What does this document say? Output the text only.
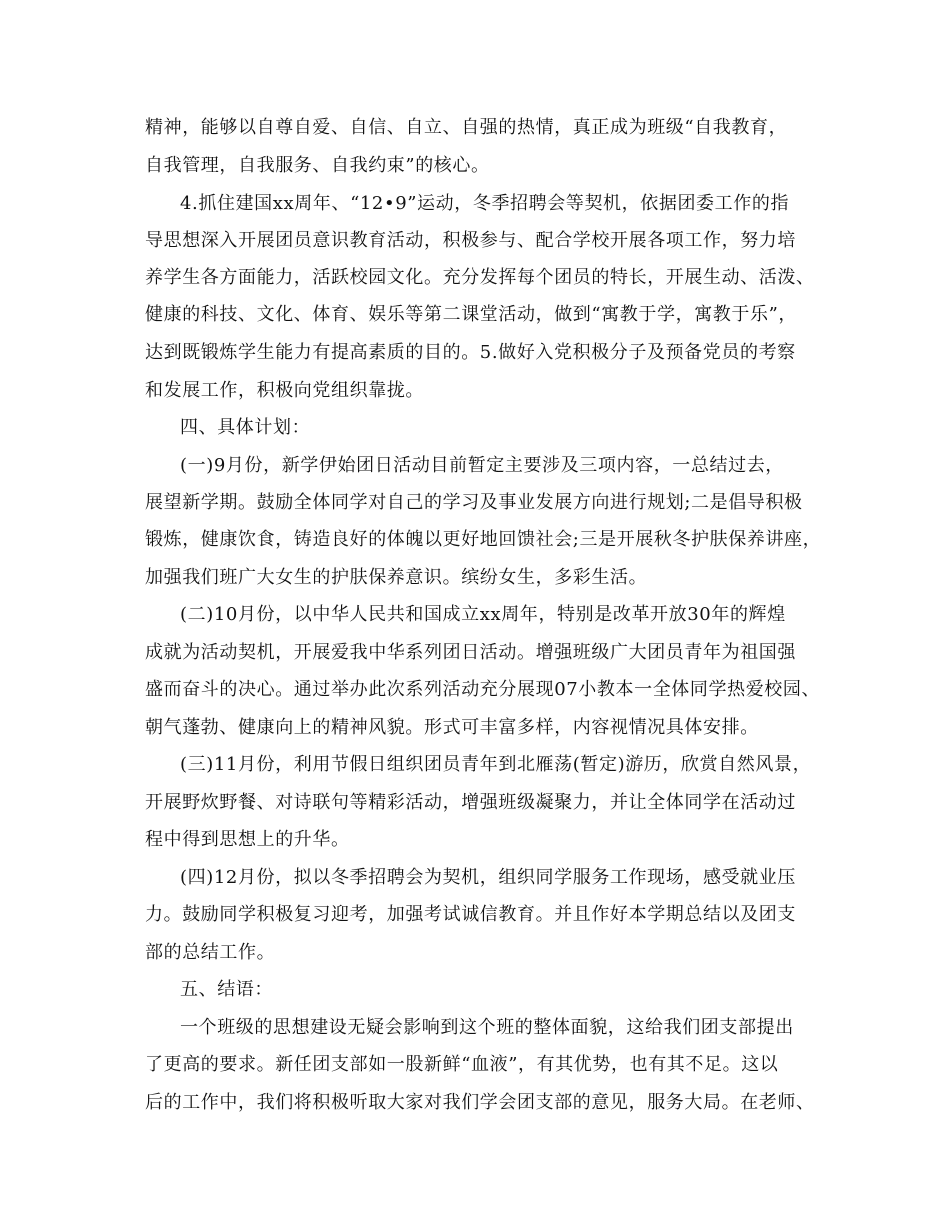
精神，能够以自尊自爱、自信、自立、自强的热情，真正成为班级“自我教育，
自我管理，自我服务、自我约束”的核心。
4.抓住建国xx周年、“12•9”运动，冬季招聘会等契机，依据团委工作的指
导思想深入开展团员意识教育活动，积极参与、配合学校开展各项工作，努力培
养学生各方面能力，活跃校园文化。充分发挥每个团员的特长，开展生动、活泼、
健康的科技、文化、体育、娱乐等第二课堂活动，做到“寓教于学，寓教于乐”，
达到既锻炼学生能力有提高素质的目的。5.做好入党积极分子及预备党员的考察
和发展工作，积极向党组织靠拢。
四、具体计划：
(一)9月份，新学伊始团日活动目前暂定主要涉及三项内容，一总结过去，
展望新学期。鼓励全体同学对自己的学习及事业发展方向进行规划;二是倡导积极
锻炼，健康饮食，铸造良好的体魄以更好地回馈社会;三是开展秋冬护肤保养讲座，
加强我们班广大女生的护肤保养意识。缤纷女生，多彩生活。
(二)10月份，以中华人民共和国成立xx周年，特别是改革开放30年的辉煌
成就为活动契机，开展爱我中华系列团日活动。增强班级广大团员青年为祖国强
盛而奋斗的决心。通过举办此次系列活动充分展现07小教本一全体同学热爱校园、
朝气蓬勃、健康向上的精神风貌。形式可丰富多样，内容视情况具体安排。
(三)11月份，利用节假日组织团员青年到北雁荡(暂定)游历，欣赏自然风景，
开展野炊野餐、对诗联句等精彩活动，增强班级凝聚力，并让全体同学在活动过
程中得到思想上的升华。
(四)12月份，拟以冬季招聘会为契机，组织同学服务工作现场，感受就业压
力。鼓励同学积极复习迎考，加强考试诚信教育。并且作好本学期总结以及团支
部的总结工作。
五、结语：
一个班级的思想建设无疑会影响到这个班的整体面貌，这给我们团支部提出
了更高的要求。新任团支部如一股新鲜“血液”，有其优势，也有其不足。这以
后的工作中，我们将积极听取大家对我们学会团支部的意见，服务大局。在老师、
